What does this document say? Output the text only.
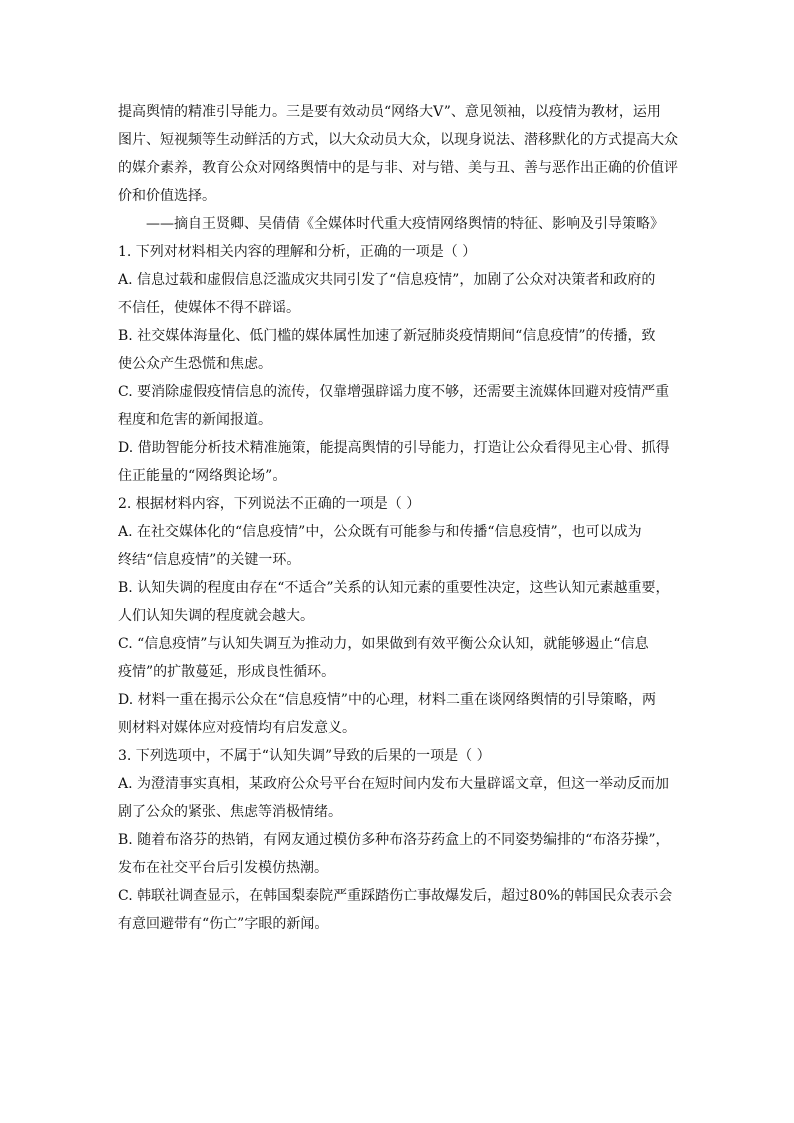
提高舆情的精准引导能力。三是要有效动员“网络大V”、意见领袖，以疫情为教材，运用
图片、短视频等生动鲜活的方式，以大众动员大众，以现身说法、潜移默化的方式提高大众
的媒介素养，教育公众对网络舆情中的是与非、对与错、美与丑、善与恶作出正确的价值评
价和价值选择。
——摘自王贤卿、吴倩倩《全媒体时代重大疫情网络舆情的特征、影响及引导策略》
1. 下列对材料相关内容的理解和分析，正确的一项是（ ）
A. 信息过载和虚假信息泛滥成灾共同引发了“信息疫情”，加剧了公众对决策者和政府的
不信任，使媒体不得不辟谣。
B. 社交媒体海量化、低门槛的媒体属性加速了新冠肺炎疫情期间“信息疫情”的传播，致
使公众产生恐慌和焦虑。
C. 要消除虚假疫情信息的流传，仅靠增强辟谣力度不够，还需要主流媒体回避对疫情严重
程度和危害的新闻报道。
D. 借助智能分析技术精准施策，能提高舆情的引导能力，打造让公众看得见主心骨、抓得
住正能量的“网络舆论场”。
2. 根据材料内容，下列说法不正确的一项是（ ）
A. 在社交媒体化的“信息疫情”中，公众既有可能参与和传播“信息疫情”，也可以成为
终结“信息疫情”的关键一环。
B. 认知失调的程度由存在“不适合”关系的认知元素的重要性决定，这些认知元素越重要，
人们认知失调的程度就会越大。
C. “信息疫情”与认知失调互为推动力，如果做到有效平衡公众认知，就能够遏止“信息
疫情”的扩散蔓延，形成良性循环。
D. 材料一重在揭示公众在“信息疫情”中的心理，材料二重在谈网络舆情的引导策略，两
则材料对媒体应对疫情均有启发意义。
3. 下列选项中，不属于“认知失调”导致的后果的一项是（ ）
A. 为澄清事实真相，某政府公众号平台在短时间内发布大量辟谣文章，但这一举动反而加
剧了公众的紧张、焦虑等消极情绪。
B. 随着布洛芬的热销，有网友通过模仿多种布洛芬药盒上的不同姿势编排的“布洛芬操”，
发布在社交平台后引发模仿热潮。
C. 韩联社调查显示，在韩国梨泰院严重踩踏伤亡事故爆发后，超过80%的韩国民众表示会
有意回避带有“伤亡”字眼的新闻。
